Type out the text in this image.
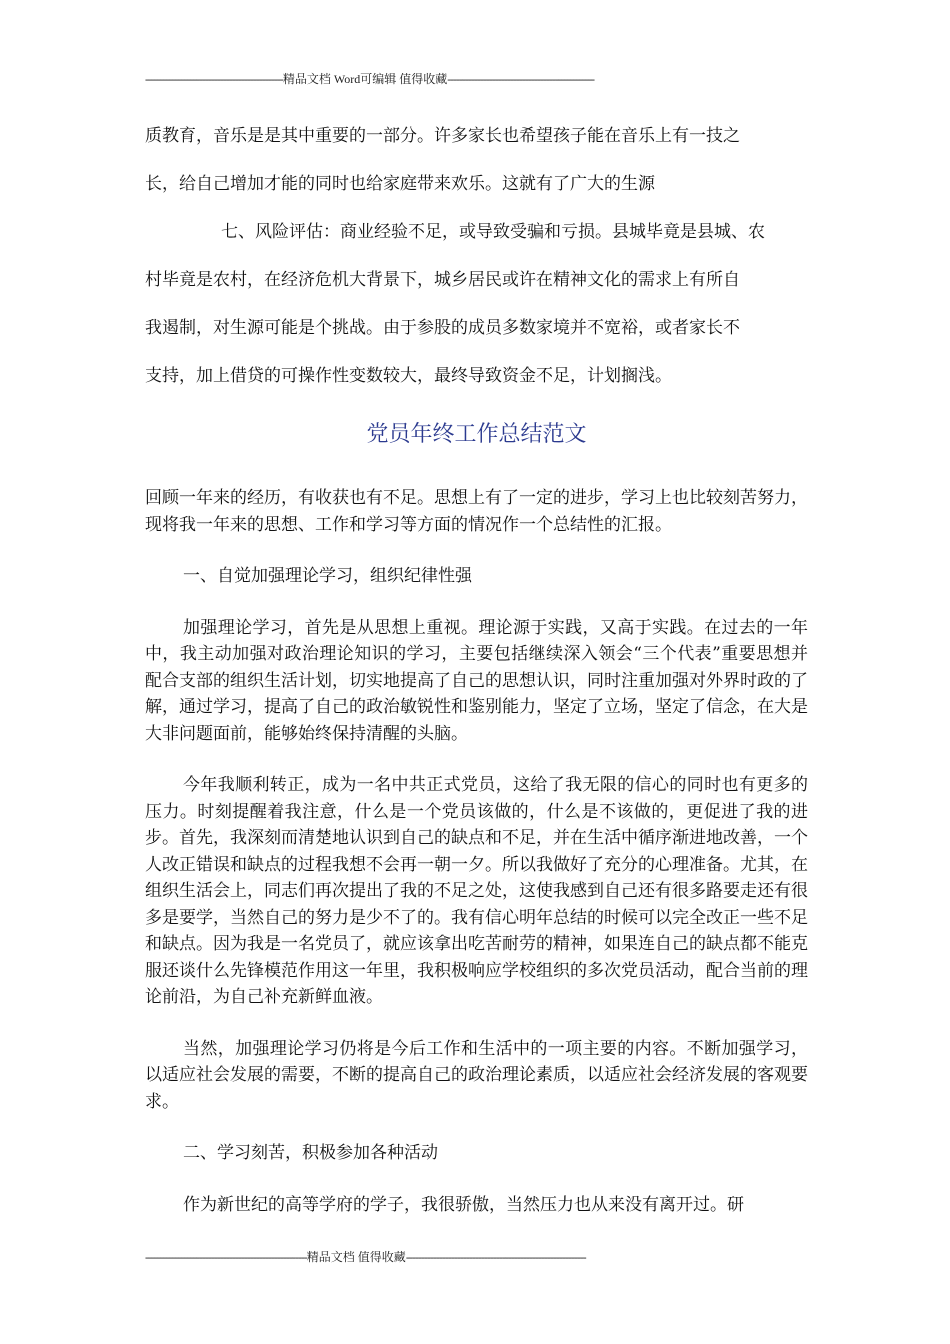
----------------------------------------------精品文档 Word可编辑 值得收藏-------------------------------------------------

质教育，音乐是是其中重要的一部分。许多家长也希望孩子能在音乐上有一技之

长，给自己增加才能的同时也给家庭带来欢乐。这就有了广大的生源

七、风险评估：商业经验不足，或导致受骗和亏损。县城毕竟是县城、农

村毕竟是农村，在经济危机大背景下，城乡居民或许在精神文化的需求上有所自

我遏制，对生源可能是个挑战。由于参股的成员多数家境并不宽裕，或者家长不

支持，加上借贷的可操作性变数较大，最终导致资金不足，计划搁浅。

党员年终工作总结范文

回顾一年来的经历，有收获也有不足。思想上有了一定的进步，学习上也比较刻苦努力，现将我一年来的思想、工作和学习等方面的情况作一个总结性的汇报。

一、自觉加强理论学习，组织纪律性强

加强理论学习，首先是从思想上重视。理论源于实践，又高于实践。在过去的一年中，我主动加强对政治理论知识的学习，主要包括继续深入领会“三个代表”重要思想并配合支部的组织生活计划，切实地提高了自己的思想认识，同时注重加强对外界时政的了解，通过学习，提高了自己的政治敏锐性和鉴别能力，坚定了立场，坚定了信念，在大是大非问题面前，能够始终保持清醒的头脑。

今年我顺利转正，成为一名中共正式党员，这给了我无限的信心的同时也有更多的压力。时刻提醒着我注意，什么是一个党员该做的，什么是不该做的，更促进了我的进步。首先，我深刻而清楚地认识到自己的缺点和不足，并在生活中循序渐进地改善，一个人改正错误和缺点的过程我想不会再一朝一夕。所以我做好了充分的心理准备。尤其，在组织生活会上，同志们再次提出了我的不足之处，这使我感到自己还有很多路要走还有很多是要学，当然自己的努力是少不了的。我有信心明年总结的时候可以完全改正一些不足和缺点。因为我是一名党员了，就应该拿出吃苦耐劳的精神，如果连自己的缺点都不能克服还谈什么先锋模范作用这一年里，我积极响应学校组织的多次党员活动，配合当前的理论前沿，为自己补充新鲜血液。

当然，加强理论学习仍将是今后工作和生活中的一项主要的内容。不断加强学习，以适应社会发展的需要，不断的提高自己的政治理论素质，以适应社会经济发展的客观要求。

二、学习刻苦，积极参加各种活动

作为新世纪的高等学府的学子，我很骄傲，当然压力也从来没有离开过。研

------------------------------------------------------精品文档 值得收藏------------------------------------------------------------
